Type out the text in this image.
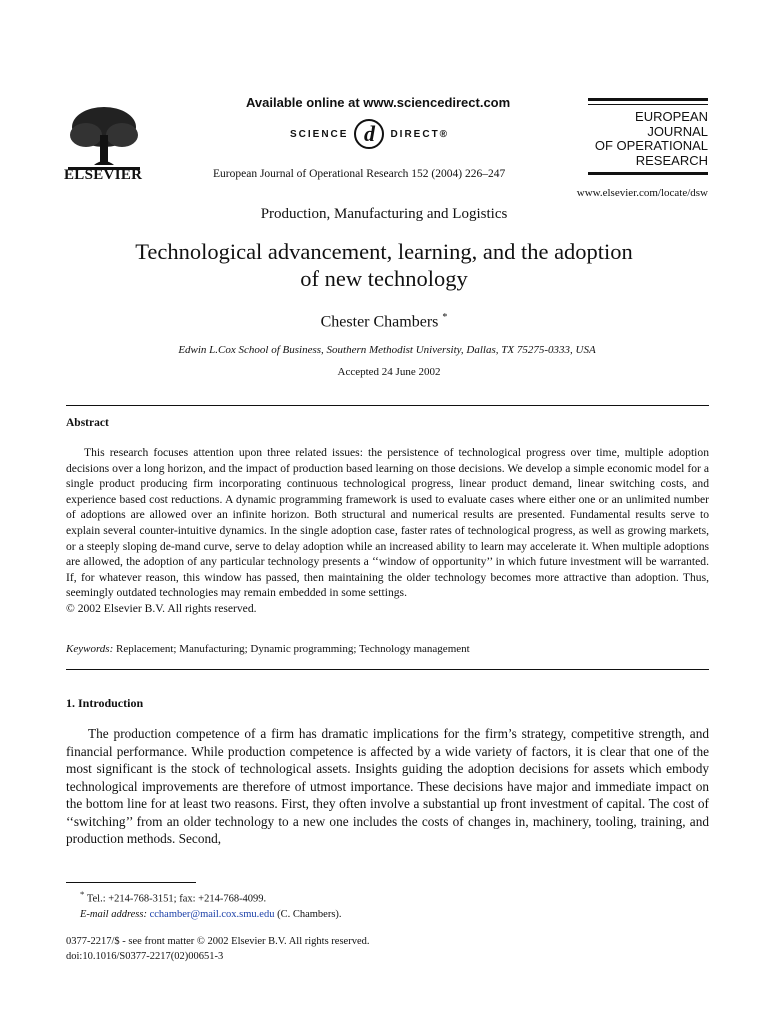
ELSEVIER
Available online at www.sciencedirect.com
SCIENCE d	DIRECT®
European Journal of Operational Research 152 (2004) 226–247
EUROPEAN
JOURNAL
OF OPERATIONAL
RESEARCH
www.elsevier.com/locate/dsw
Production, Manufacturing and Logistics
Technological advancement, learning, and the adoption
of new technology
Chester Chambers *
Edwin L.Cox School of Business, Southern Methodist University, Dallas, TX 75275-0333, USA
Accepted 24 June 2002
Abstract
This research focuses attention upon three related issues: the persistence of technological progress over time, multiple adoption decisions over a long horizon, and the impact of production based learning on those decisions. We develop a simple economic model for a single product producing firm incorporating continuous technological progress, linear product demand, linear switching costs, and experience based cost reductions. A dynamic programming framework is used to evaluate cases where either one or an unlimited number of adoptions are allowed over an infinite horizon. Both structural and numerical results are presented. Fundamental results serve to explain several counter-intuitive dynamics. In the single adoption case, faster rates of technological progress, as well as growing markets, or a steeply sloping de-mand curve, serve to delay adoption while an increased ability to learn may accelerate it. When multiple adoptions are allowed, the adoption of any particular technology presents a ‘‘window of opportunity’’ in which future investment will be warranted. If, for whatever reason, this window has passed, then maintaining the older technology becomes more attractive than adoption. Thus, seemingly outdated technologies may remain embedded in some settings.
© 2002 Elsevier B.V. All rights reserved.
Keywords: Replacement; Manufacturing; Dynamic programming; Technology management
1. Introduction
The production competence of a firm has dramatic implications for the firm’s strategy, competitive strength, and financial performance. While production competence is affected by a wide variety of factors, it is clear that one of the most significant is the stock of technological assets. Insights guiding the adoption decisions for assets which embody technological improvements are therefore of utmost importance. These decisions have major and immediate impact on the bottom line for at least two reasons. First, they often involve a substantial up front investment of capital. The cost of ‘‘switching’’ from an older technology to a new one includes the costs of changes in, machinery, tooling, training, and production methods. Second,
* Tel.: +214-768-3151; fax: +214-768-4099.
E-mail address: cchamber@mail.cox.smu.edu (C. Chambers).
0377-2217/$ - see front matter © 2002 Elsevier B.V. All rights reserved.
doi:10.1016/S0377-2217(02)00651-3
